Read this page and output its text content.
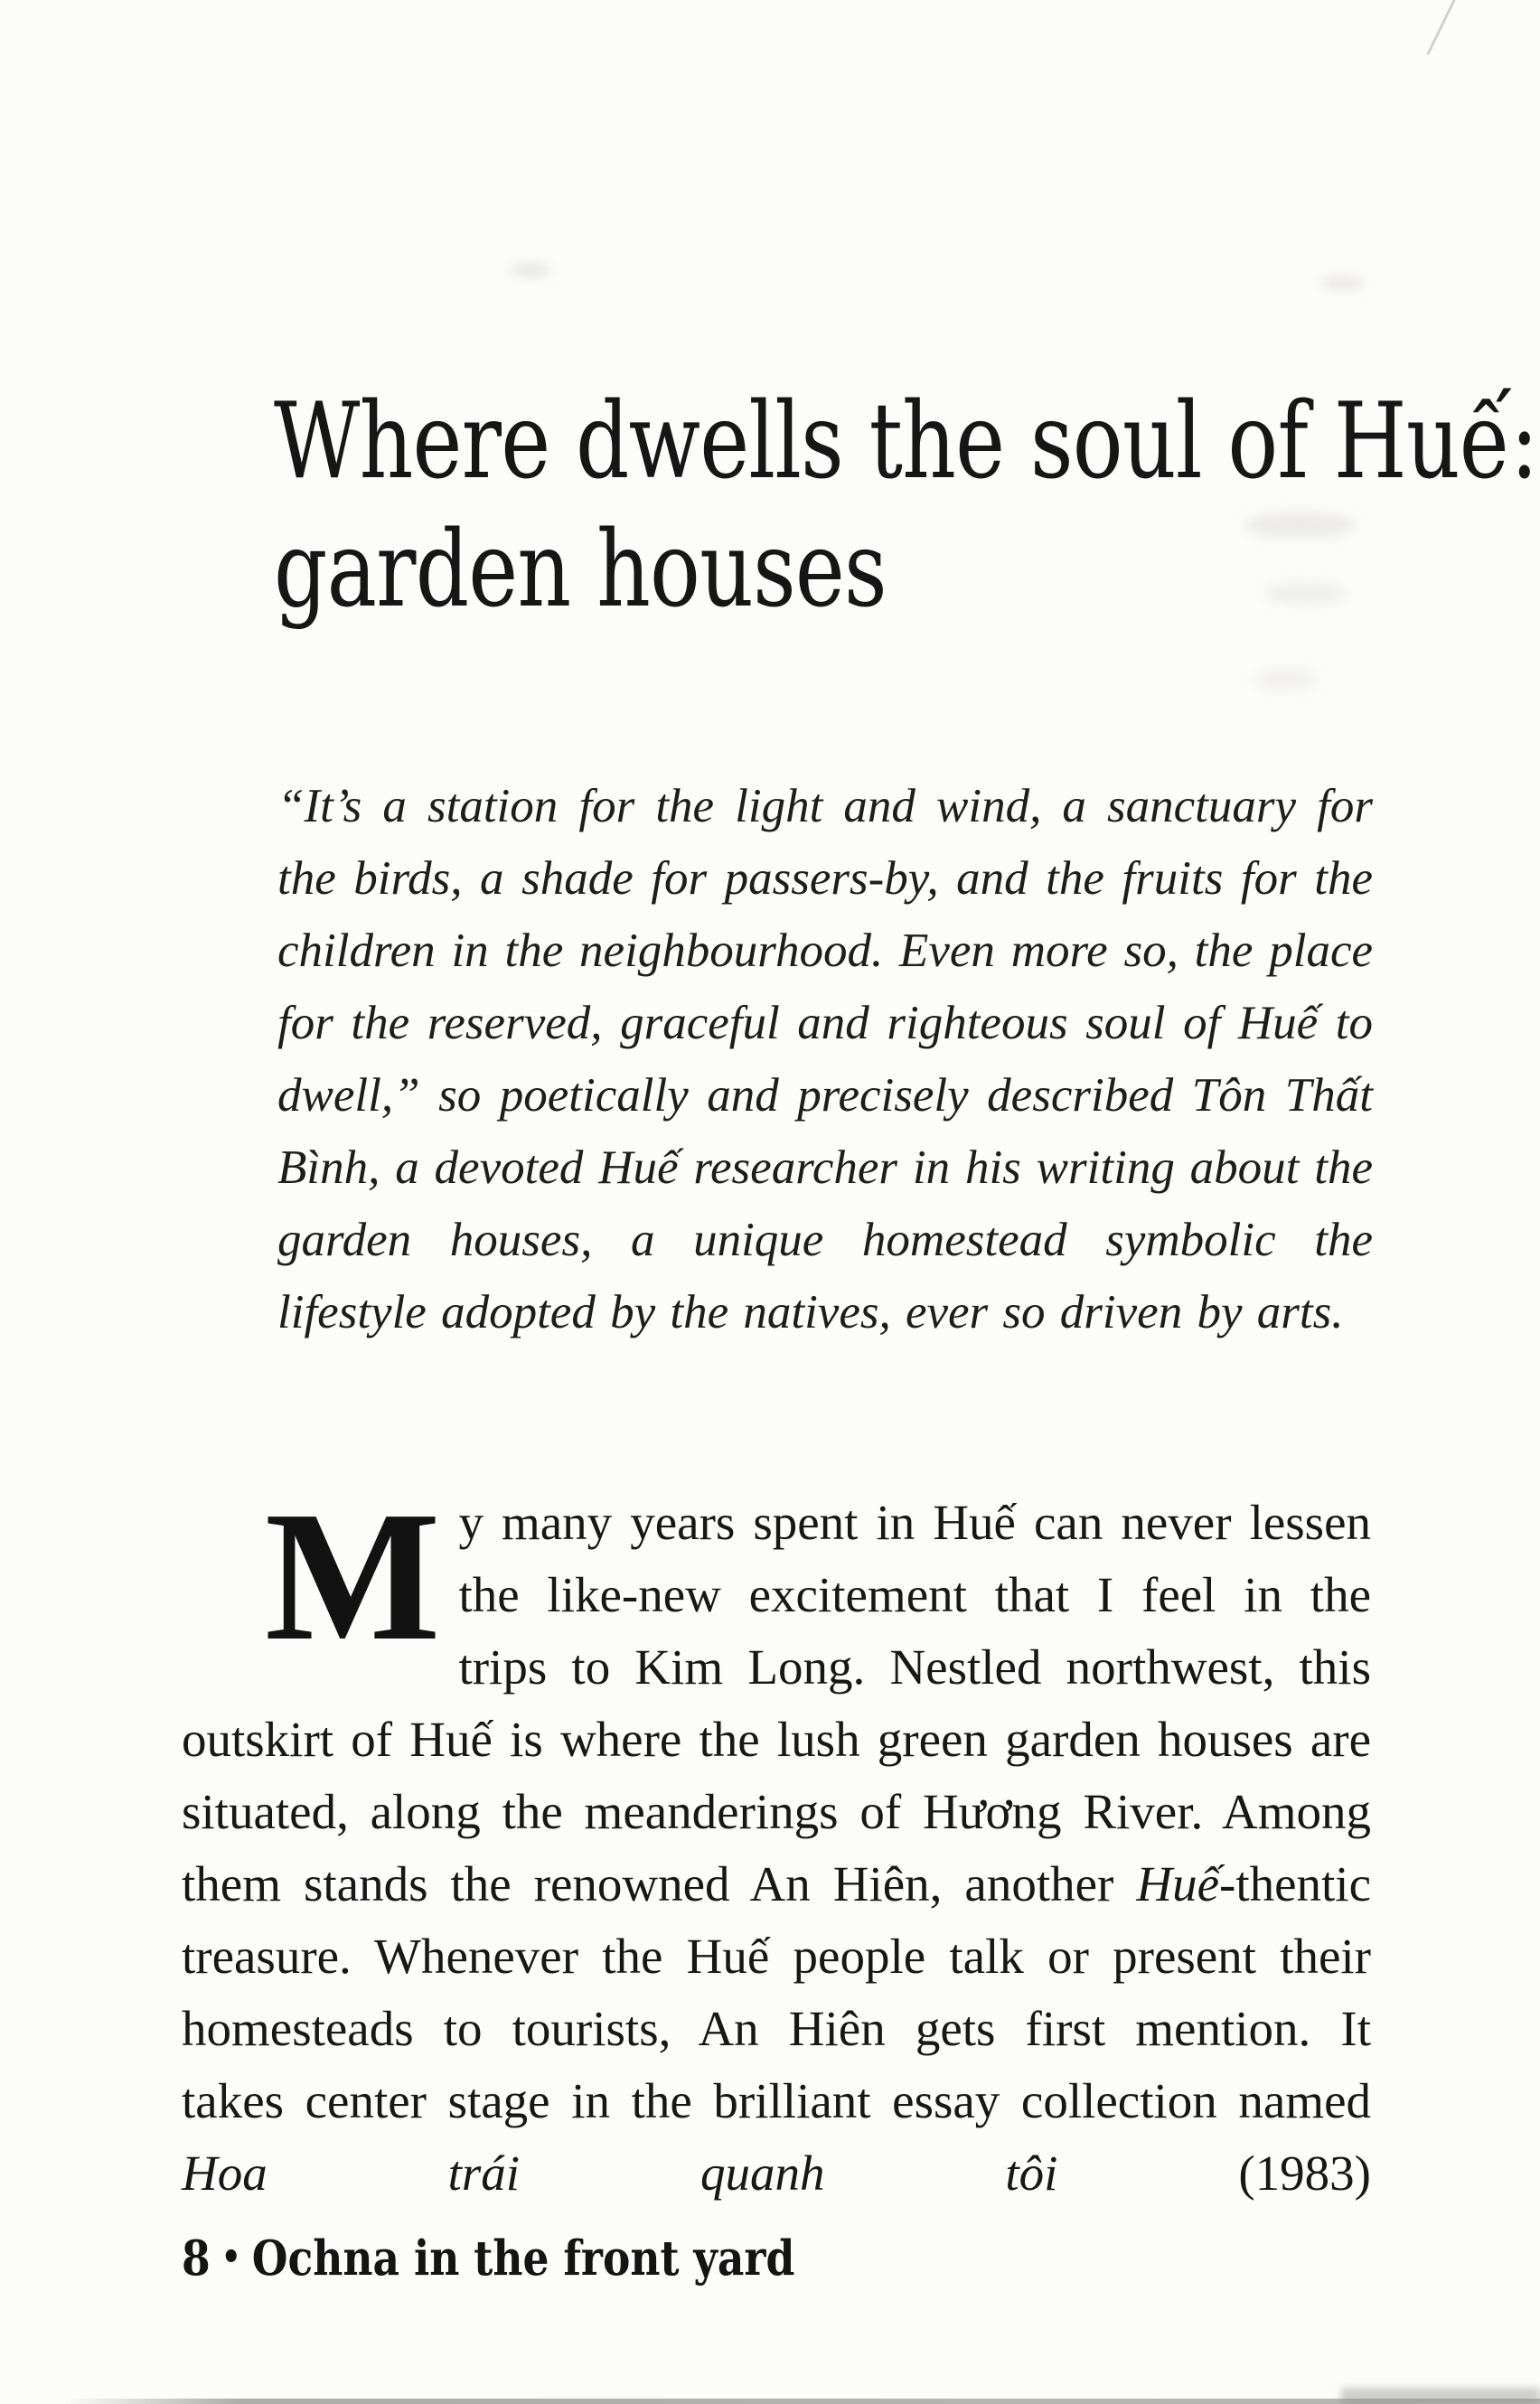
Where dwells the soul of Huế:
garden houses
“It’s a station for the light and wind, a sanctuary for the birds, a shade for passers-by, and the fruits for the children in the neighbourhood. Even more so, the place for the reserved, graceful and righteous soul of Huế to dwell,” so poetically and precisely described Tôn Thất Bình, a devoted Huế researcher in his writing about the garden houses, a unique homestead symbolic the lifestyle adopted by the natives, ever so driven by arts.

My many years spent in Huế can never lessen the like-new excitement that I feel in the trips to Kim Long. Nestled northwest, this outskirt of Huế is where the lush green garden houses are situated, along the meanderings of Hương River. Among them stands the renowned An Hiên, another Huế-thentic treasure. Whenever the Huế people talk or present their homesteads to tourists, An Hiên gets first mention. It takes center stage in the brilliant essay collection named Hoa trái quanh tôi (1983)

8 • Ochna in the front yard
